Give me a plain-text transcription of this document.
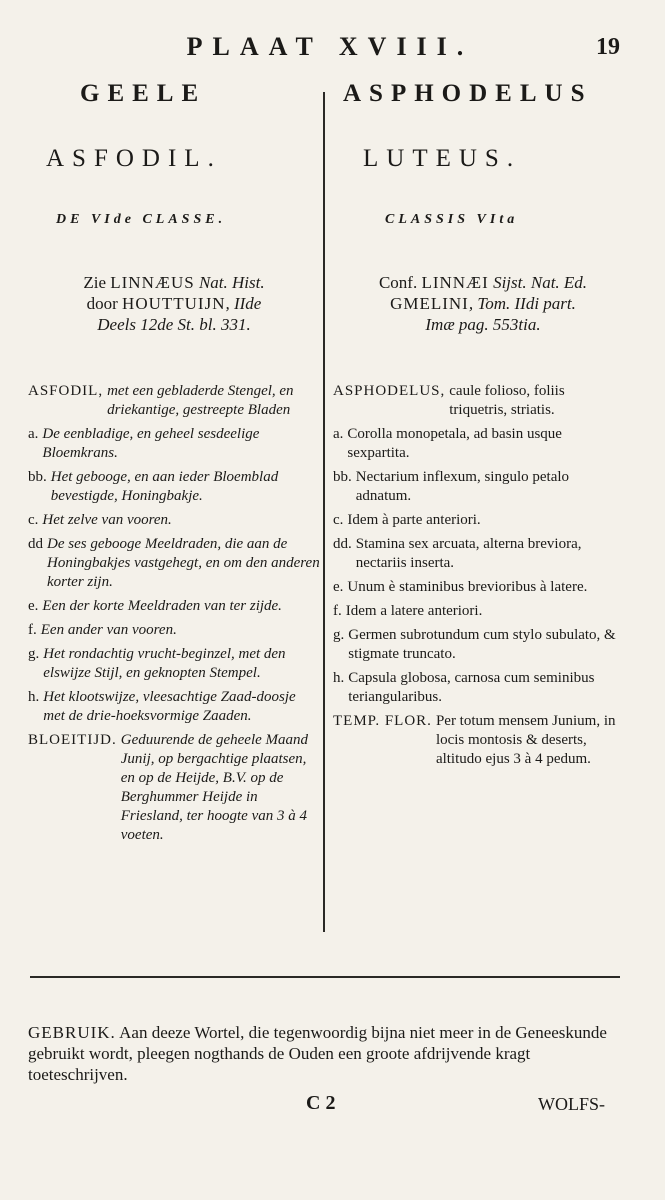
PLAAT XVIII.	19
GEELE
ASFODIL.
DE VIde CLASSE.
Zie LINNÆUS Nat. Hist.
door HOUTTUIJN, IIde
Deels 12de St. bl. 331.
ASFODIL, met een gebladerde Stengel, en driekantige, gestreepte Bladen
a. De eenbladige, en geheel sesdeelige Bloemkrans.
bb. Het gebooge, en aan ieder Bloemblad bevestigde, Honingbakje.
c. Het zelve van vooren.
dd De ses gebooge Meeldraden, die aan de Honingbakjes vastgehegt, en om den anderen korter zijn.
e. Een der korte Meeldraden van ter zijde.
f. Een ander van vooren.
g. Het rondachtig vrucht-beginzel, met den elswijze Stijl, en geknopten Stempel.
h. Het klootswijze, vleesachtige Zaad-doosje met de drie-hoeksvormige Zaaden.
BLOEITIJD. Geduurende de geheele Maand Junij, op bergachtige plaatsen, en op de Heijde, B.V. op de Berghummer Heijde in Friesland, ter hoogte van 3 à 4 voeten.
ASPHODELUS
LUTEUS.
CLASSIS VIta
Conf. LINNÆI Sijst. Nat. Ed.
GMELINI, Tom. IIdi part.
Imæ pag. 553tia.
ASPHODELUS, caule folioso, foliis triquetris, striatis.
a. Corolla monopetala, ad basin usque sexpartita.
bb. Nectarium inflexum, singulo petalo adnatum.
c. Idem à parte anteriori.
dd. Stamina sex arcuata, alterna breviora, nectariis inserta.
e. Unum è staminibus brevioribus à latere.
f. Idem a latere anteriori.
g. Germen subrotundum cum stylo subulato, & stigmate truncato.
h. Capsula globosa, carnosa cum seminibus teriangularibus.
TEMP. FLOR. Per totum mensem Junium, in locis montosis & deserts, altitudo ejus 3 à 4 pedum.
GEBRUIK. Aan deeze Wortel, die tegenwoordig bijna niet meer in de Geneeskunde gebruikt wordt, pleegen nogthands de Ouden een groote afdrijvende kragt toeteschrijven.
C 2	WOLFS-
